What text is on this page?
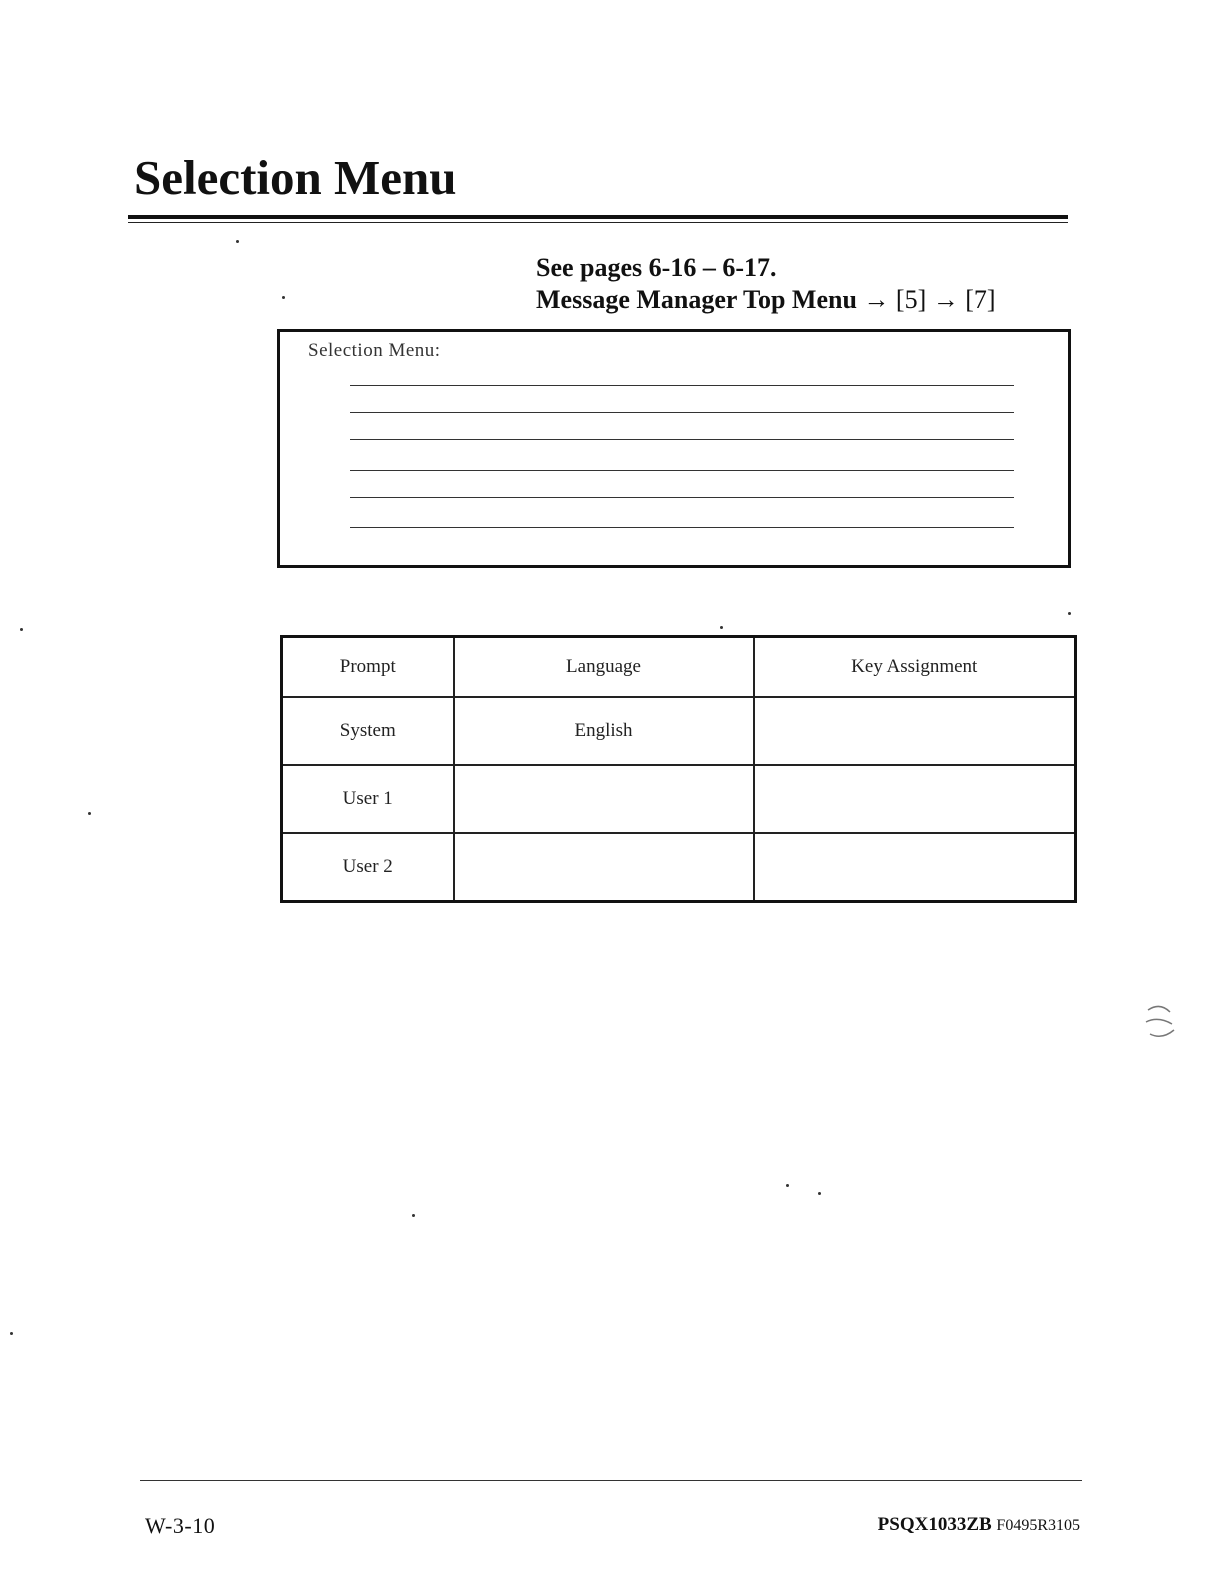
Selection Menu
See pages 6-16 – 6-17.
Message Manager Top Menu → [5] → [7]
Selection Menu:
Prompt	Language	Key Assignment
System	English	
User 1		
User 2		
W-3-10	PSQX1033ZB F0495R3105
